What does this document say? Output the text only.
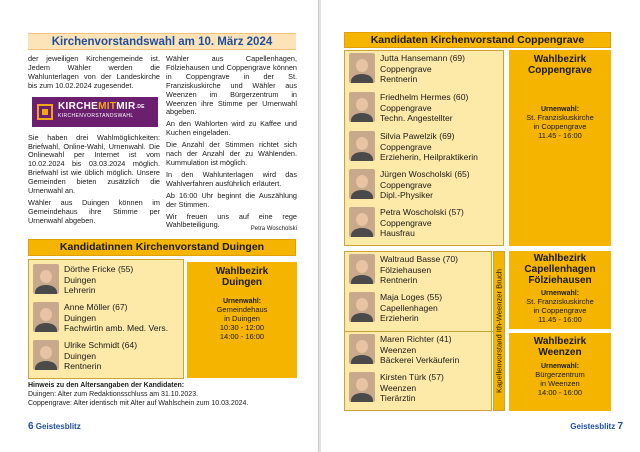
Kirchenvorstandswahl am 10. März 2024

der jeweiligen Kirchengemeinde ist. Jedem Wähler werden die Wahlunterlagen von der Landeskirche bis zum 10.02.2024 zugesendet.

$KIRCHEMITMIR^{.DE}$
KIRCHENVORSTANDSWAHL

Sie haben drei Wahlmöglichkeiten: Briefwahl, Online-Wahl, Urnenwahl. Die Onlinewahl per Internet ist vom 10.02.2024 bis 03.03.2024 möglich. Briefwahl ist wie üblich möglich. Unsere Gemeinden bieten zusätzlich die Urnenwahl an.

Wähler aus Duingen können im Gemeindehaus ihre Stimme per Urnenwahl abgeben.

Wähler aus Capellenhagen, Fölziehausen und Coppengrave können in Coppengrave in der St. Franziskuskirche und Wähler aus Weenzen im Bürgerzentrum in Weenzen ihre Stimme per Urnenwahl abgeben.

An den Wahlorten wird zu Kaffee und Kuchen eingeladen.

Die Anzahl der Stimmen richtet sich nach der Anzahl der zu Wählenden. Kummulation ist möglich.

In den Wahlunterlagen wird das Wahlverfahren ausführlich erläutert.

Ab 16:00 Uhr beginnt die Auszählung der Stimmen.

Wir freuen uns auf eine rege Wahlbeteiligung.	Petra Woscholski
Kandidatinnen Kirchenvorstand Duingen
Dörthe Fricke (55)
Duingen
Lehrerin
Anne Möller (67)
Duingen
Fachwirtin amb. Med. Vers.
Ulrike Schmidt (64)
Duingen
Rentnerin
Wahlbezirk
Duingen
Urnenwahl:
Gemeindehaus
in Duingen
10:30 - 12:00
14:00 - 16:00
Hinweis zu den Altersangaben der Kandidaten:
Duingen: Alter zum Redaktionsschluss am 31.10.2023.
Coppengrave: Alter identisch mit Alter auf Wahlschein zum 10.03.2024.
6 Geistesblitz
Kandidaten Kirchenvorstand Coppengrave
Jutta Hansemann (69)
Coppengrave
Rentnerin
Friedhelm Hermes (60)
Coppengrave
Techn. Angestellter
Silvia Pawelzik (69)
Coppengrave
Erzieherin, Heilpraktikerin
Jürgen Woscholski (65)
Coppengrave
Dipl.-Physiker
Petra Woscholski (57)
Coppengrave
Hausfrau
Wahlbezirk
Coppengrave
Urnenwahl:
St. Franziskuskirche
in Coppengrave
11.45 - 16:00
Waltraud Basse (70)
Fölziehausen
Rentnerin
Maja Loges (55)
Capellenhagen
Erzieherin
Maren Richter (41)
Weenzen
Bäckerei Verkäuferin
Kirsten Türk (57)
Weenzen
Tierärztin
Kapellenvorstand Ith-Weenzer Bruch
Wahlbezirk
Capellenhagen
Fölziehausen
Urnenwahl:
St. Franziskuskirche
in Coppengrave
11.45 - 16:00
Wahlbezirk
Weenzen
Urnenwahl:
Bürgerzentrum
in Weenzen
14:00 - 16:00
Geistesblitz 7
